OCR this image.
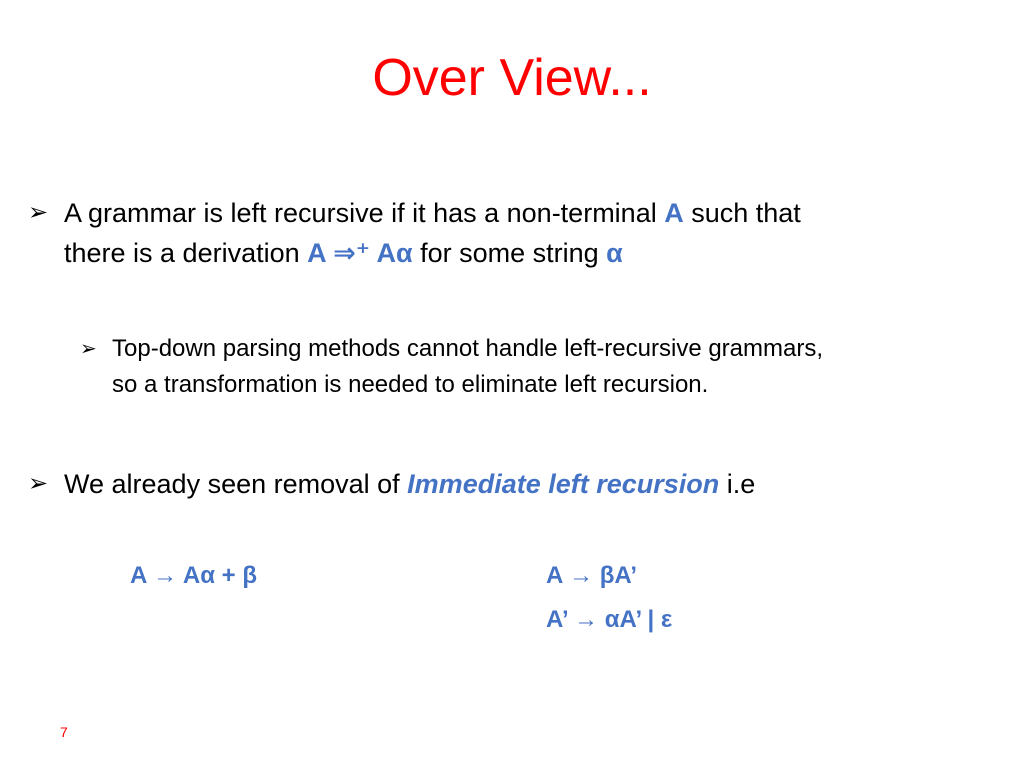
Over View...
➢ A grammar is left recursive if it has a non-terminal A such that
there is a derivation A ⇒⁺ Aα for some string α
➢ Top-down parsing methods cannot handle left-recursive grammars,
so a transformation is needed to eliminate left recursion.
➢ We already seen removal of Immediate left recursion i.e
A → Aα + β	A → βA’
A’ → αA’ | ε
7
